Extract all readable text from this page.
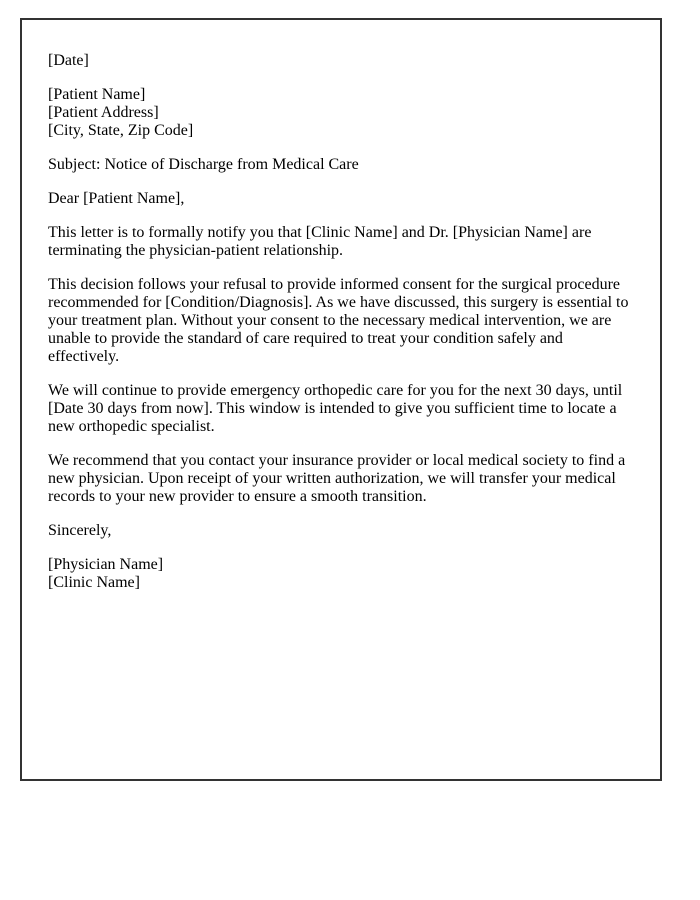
[Date]

[Patient Name]
[Patient Address]
[City, State, Zip Code]

Subject: Notice of Discharge from Medical Care

Dear [Patient Name],

This letter is to formally notify you that [Clinic Name] and Dr. [Physician Name] are terminating the physician-patient relationship.

This decision follows your refusal to provide informed consent for the surgical procedure recommended for [Condition/Diagnosis]. As we have discussed, this surgery is essential to your treatment plan. Without your consent to the necessary medical intervention, we are unable to provide the standard of care required to treat your condition safely and effectively.

We will continue to provide emergency orthopedic care for you for the next 30 days, until [Date 30 days from now]. This window is intended to give you sufficient time to locate a new orthopedic specialist.

We recommend that you contact your insurance provider or local medical society to find a new physician. Upon receipt of your written authorization, we will transfer your medical records to your new provider to ensure a smooth transition.

Sincerely,

[Physician Name]
[Clinic Name]
